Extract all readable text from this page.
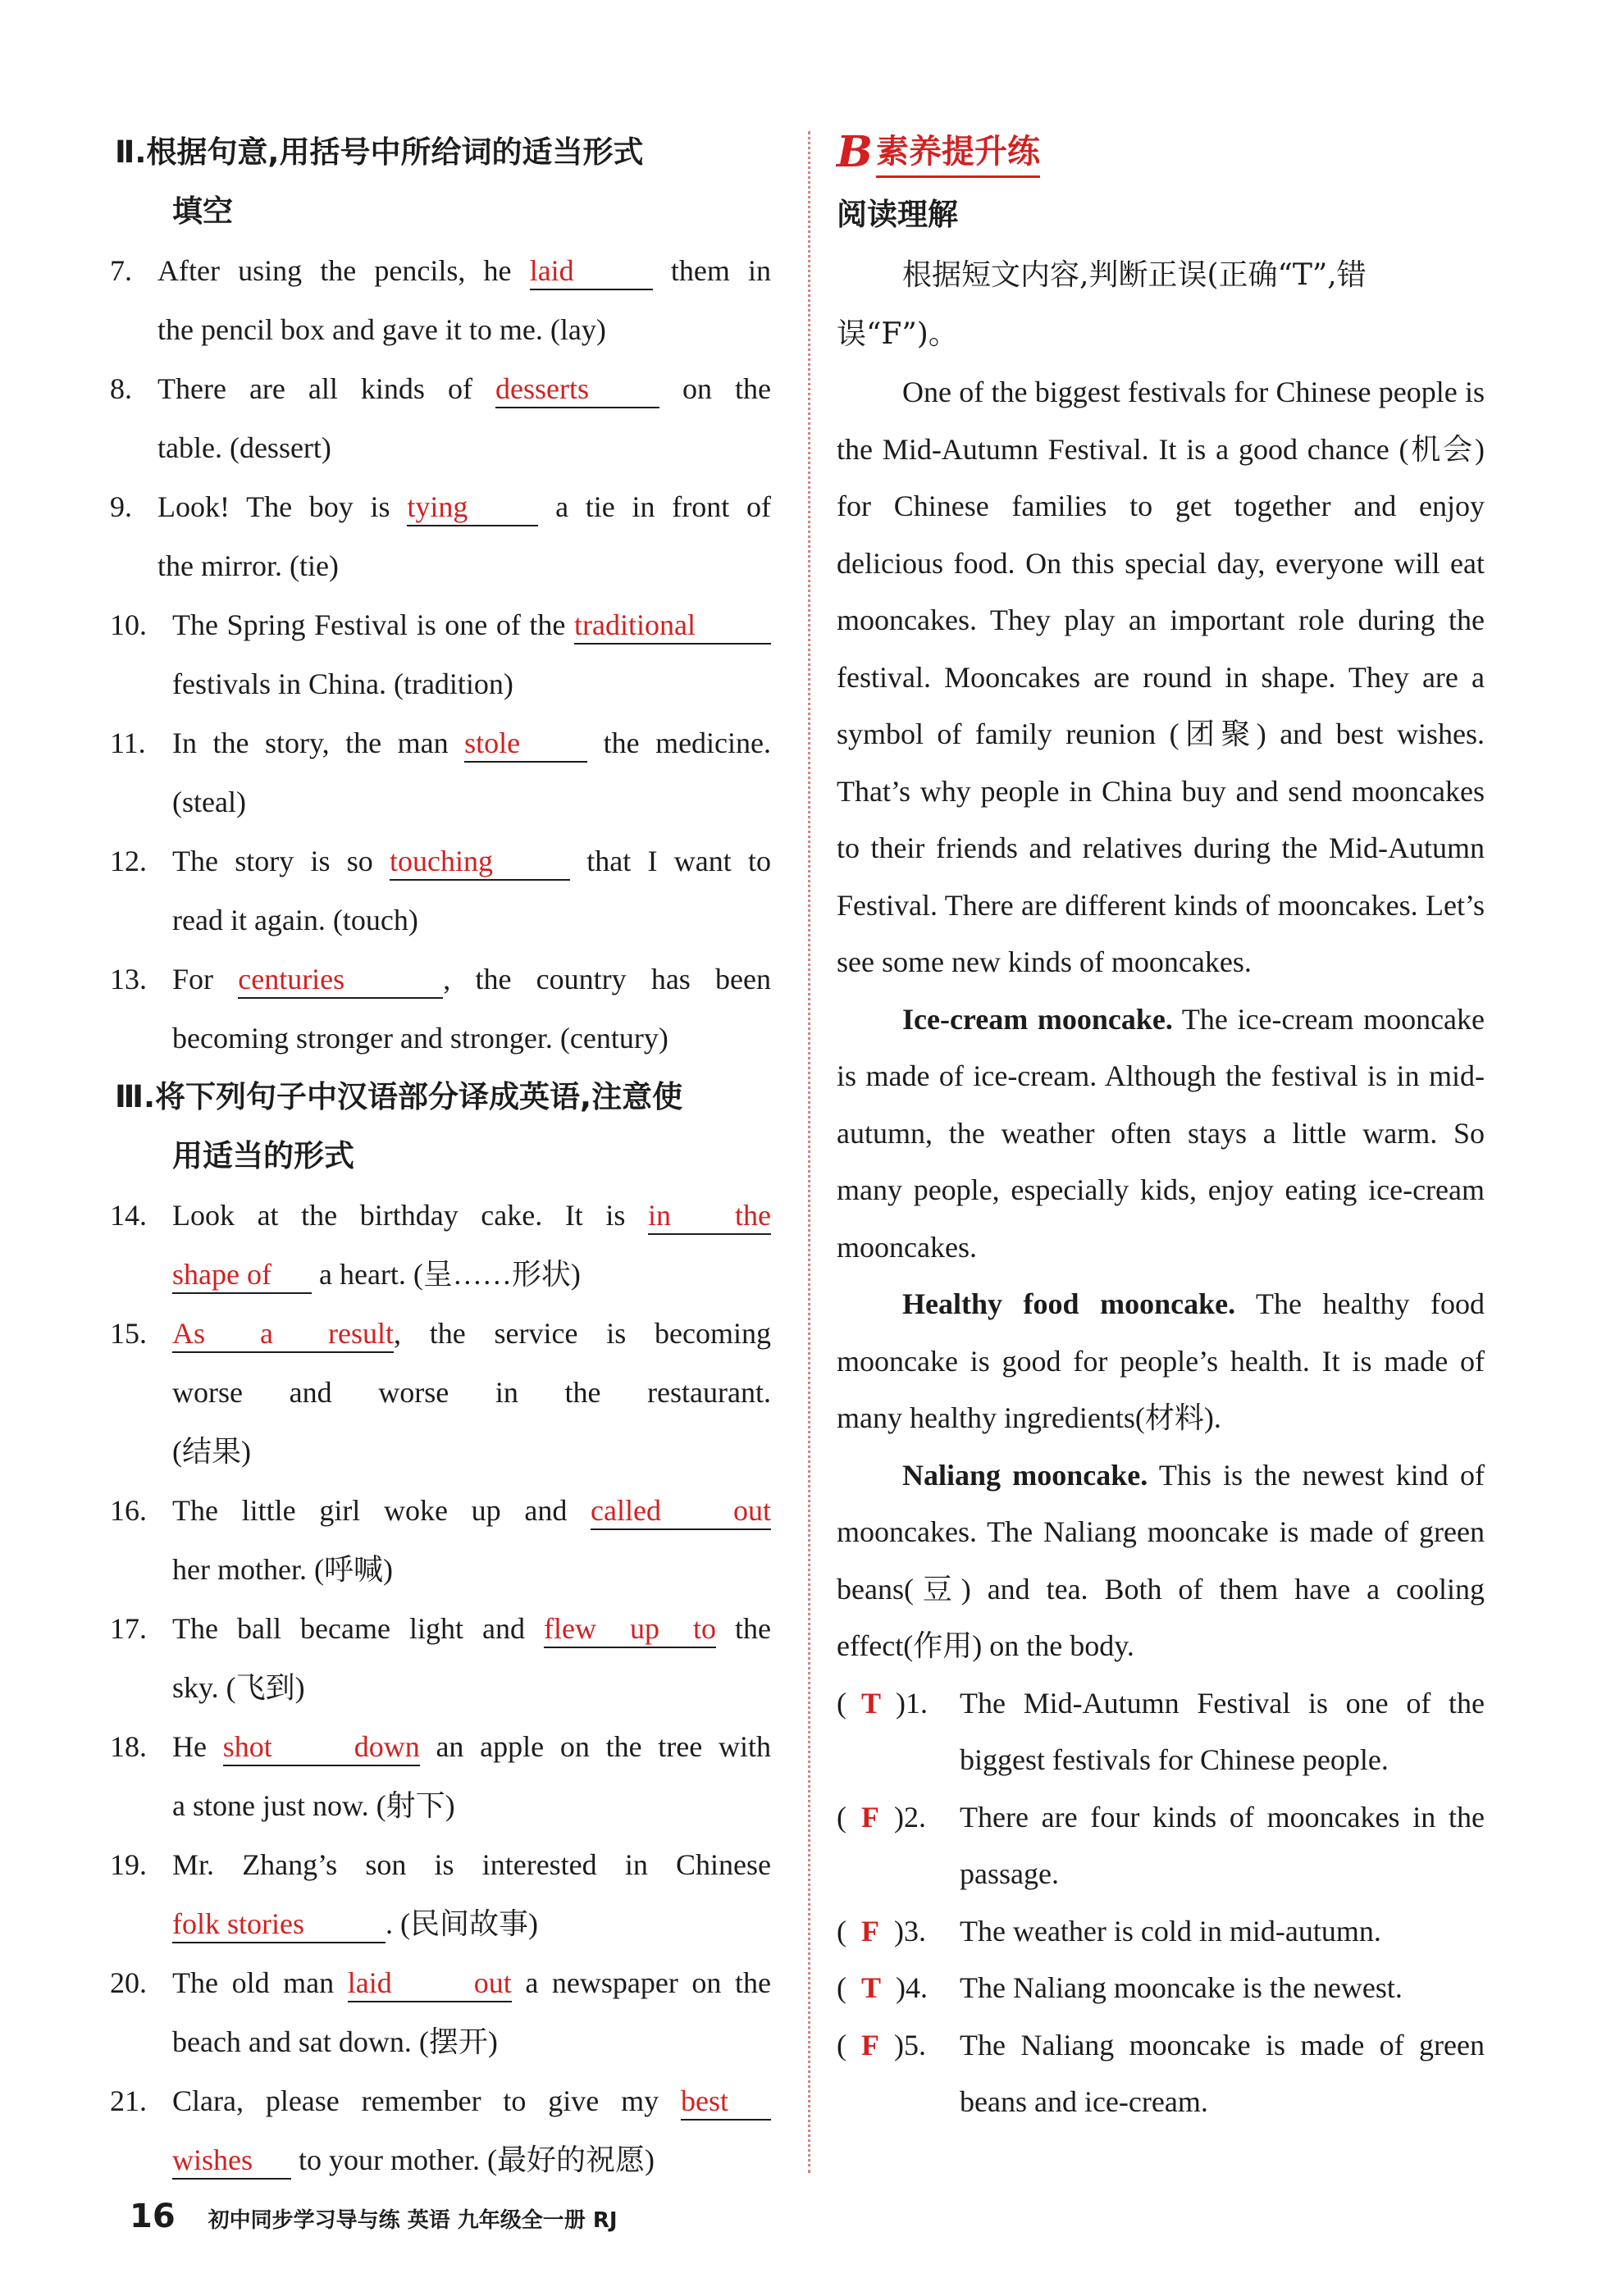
Ⅱ.根据句意,用括号中所给词的适当形式
填空
7. After using the pencils, he laid	them in
the pencil box and gave it to me. (lay)
8. There are all kinds of desserts	on the
table. (dessert)
9. Look! The boy is tying	a tie in front of
the mirror. (tie)
10. The Spring Festival is one of the traditional
festivals in China. (tradition)
11. In the story, the man stole	the medicine.
(steal)
12. The story is so touching	that I want to
read it again. (touch)
13. For centuries	, the country has been
becoming stronger and stronger. (century)
Ⅲ.将下列句子中汉语部分译成英语,注意使
用适当的形式
14. Look at the birthday cake. It is in the
shape of a heart. (呈……形状)
15. As a result, the service is becoming
worse and worse in the restaurant.
(结果)
16. The little girl woke up and called out
her mother. (呼喊)
17. The ball became light and flew up to the
sky. (飞到)
18. He shot down an apple on the tree with
a stone just now. (射下)
19. Mr. Zhang’s son is interested in Chinese
folk stories	. (民间故事)
20. The old man laid out a newspaper on the
beach and sat down. (摆开)
21. Clara, please remember to give my best
wishes to your mother. (最好的祝愿)
B 素养提升练
阅读理解

根据短文内容,判断正误(正确“T”,错误“F”)。

One of the biggest festivals for Chinese people is the Mid-Autumn Festival. It is a good chance (机会) for Chinese families to get together and enjoy delicious food. On this special day, everyone will eat mooncakes. They play an important role during the festival. Mooncakes are round in shape. They are a symbol of family reunion (团聚) and best wishes. That’s why people in China buy and send mooncakes to their friends and relatives during the Mid-Autumn Festival. There are different kinds of mooncakes. Let’s see some new kinds of mooncakes.

Ice-cream mooncake. The ice-cream mooncake is made of ice-cream. Although the festival is in mid-autumn, the weather often stays a little warm. So many people, especially kids, enjoy eating ice-cream mooncakes.

Healthy food mooncake. The healthy food mooncake is good for people’s health. It is made of many healthy ingredients(材料).

Naliang mooncake. This is the newest kind of mooncakes. The Naliang mooncake is made of green beans(豆) and tea. Both of them have a cooling effect(作用) on the body.

(  T  )1. The Mid-Autumn Festival is one of the biggest festivals for Chinese people.
(  F  )2. There are four kinds of mooncakes in the passage.
(  F  )3. The weather is cold in mid-autumn.
(  T  )4. The Naliang mooncake is the newest.
(  F  )5. The Naliang mooncake is made of green beans and ice-cream.
16 初中同步学习导与练 英语 九年级全一册 RJ
